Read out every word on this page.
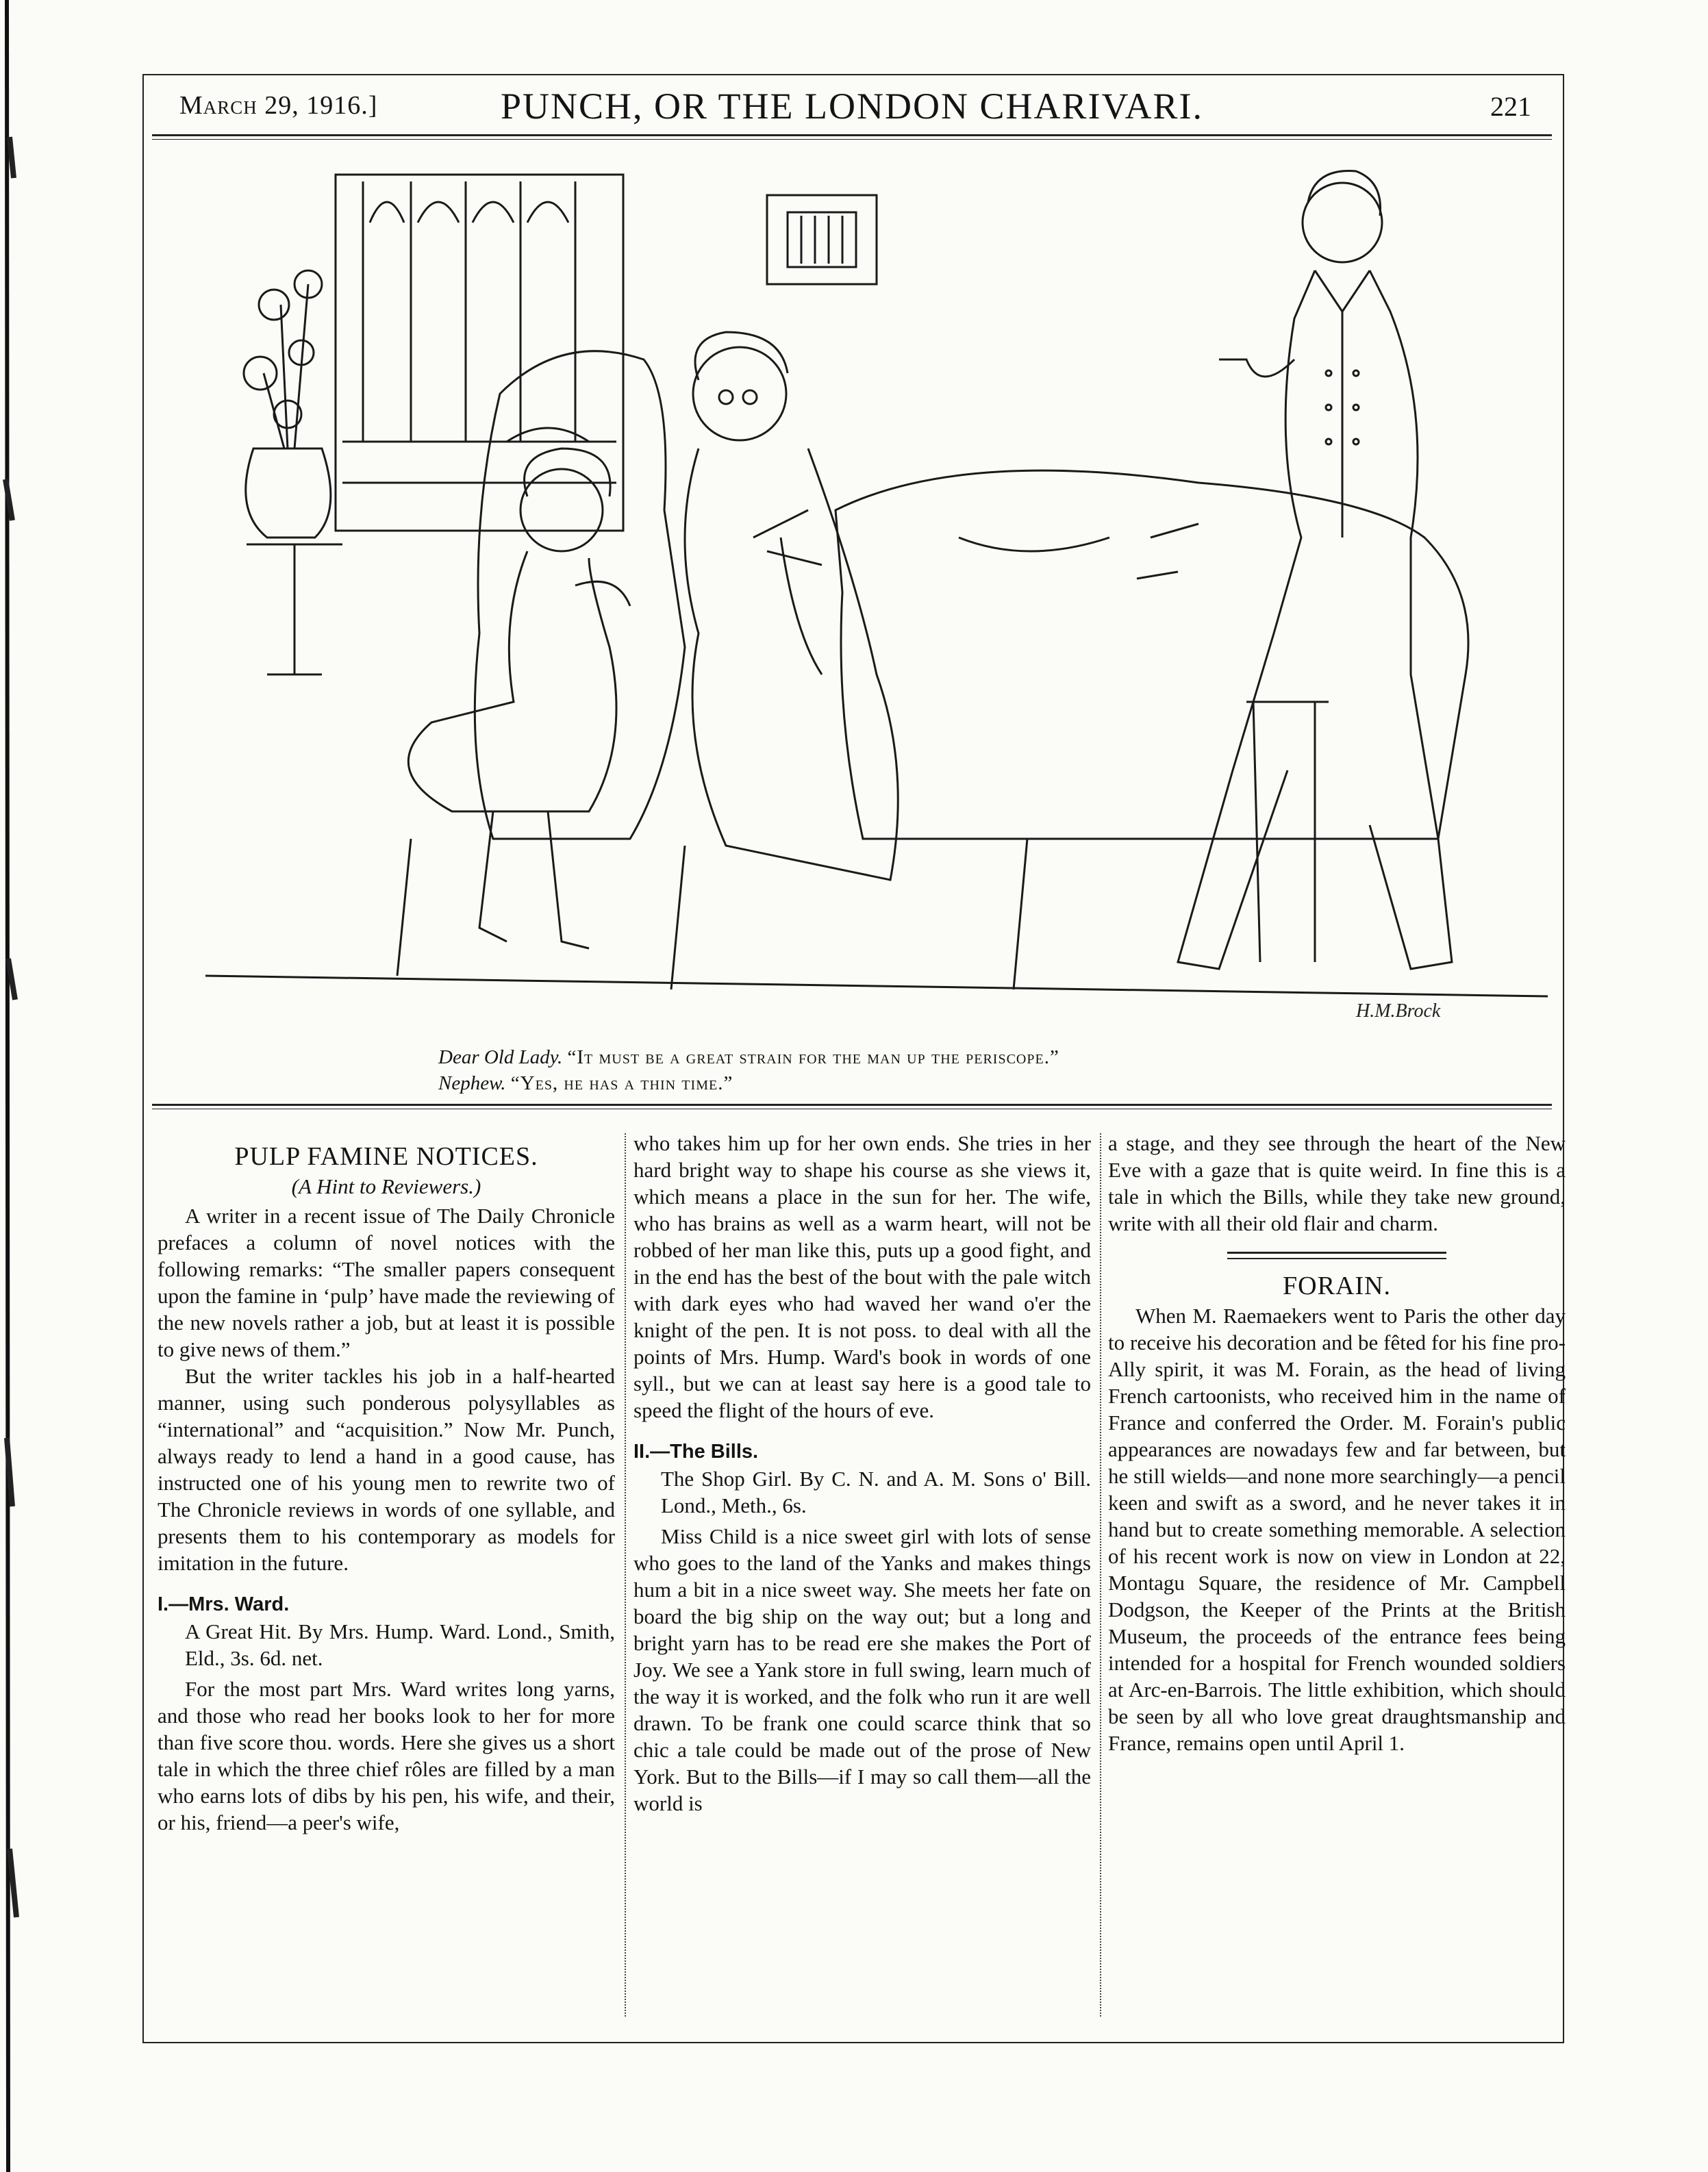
March 29, 1916.]	PUNCH, OR THE LONDON CHARIVARI.	221
H.M.Brock
Dear Old Lady. “It must be a great strain for the man up the periscope.”
Nephew. “Yes, he has a thin time.”
PULP FAMINE NOTICES.
(A Hint to Reviewers.)

A writer in a recent issue of The Daily Chronicle prefaces a column of novel notices with the following remarks: “The smaller papers consequent upon the famine in ‘pulp’ have made the reviewing of the new novels rather a job, but at least it is possible to give news of them.”

But the writer tackles his job in a half-hearted manner, using such ponderous polysyllables as “international” and “acquisition.” Now Mr. Punch, always ready to lend a hand in a good cause, has instructed one of his young men to rewrite two of The Chronicle reviews in words of one syllable, and presents them to his contemporary as models for imitation in the future.

I.—Mrs. Ward.

A Great Hit. By Mrs. Hump. Ward. Lond., Smith, Eld., 3s. 6d. net.

For the most part Mrs. Ward writes long yarns, and those who read her books look to her for more than five score thou. words. Here she gives us a short tale in which the three chief rôles are filled by a man who earns lots of dibs by his pen, his wife, and their, or his, friend—a peer's wife,

who takes him up for her own ends. She tries in her hard bright way to shape his course as she views it, which means a place in the sun for her. The wife, who has brains as well as a warm heart, will not be robbed of her man like this, puts up a good fight, and in the end has the best of the bout with the pale witch with dark eyes who had waved her wand o'er the knight of the pen. It is not poss. to deal with all the points of Mrs. Hump. Ward's book in words of one syll., but we can at least say here is a good tale to speed the flight of the hours of eve.

II.—The Bills.

The Shop Girl. By C. N. and A. M. Sons o' Bill. Lond., Meth., 6s.

Miss Child is a nice sweet girl with lots of sense who goes to the land of the Yanks and makes things hum a bit in a nice sweet way. She meets her fate on board the big ship on the way out; but a long and bright yarn has to be read ere she makes the Port of Joy. We see a Yank store in full swing, learn much of the way it is worked, and the folk who run it are well drawn. To be frank one could scarce think that so chic a tale could be made out of the prose of New York. But to the Bills—if I may so call them—all the world is

a stage, and they see through the heart of the New Eve with a gaze that is quite weird. In fine this is a tale in which the Bills, while they take new ground, write with all their old flair and charm.

FORAIN.

When M. Raemaekers went to Paris the other day to receive his decoration and be fêted for his fine pro-Ally spirit, it was M. Forain, as the head of living French cartoonists, who received him in the name of France and conferred the Order. M. Forain's public appearances are nowadays few and far between, but he still wields—and none more searchingly—a pencil keen and swift as a sword, and he never takes it in hand but to create something memorable. A selection of his recent work is now on view in London at 22, Montagu Square, the residence of Mr. Campbell Dodgson, the Keeper of the Prints at the British Museum, the proceeds of the entrance fees being intended for a hospital for French wounded soldiers at Arc-en-Barrois. The little exhibition, which should be seen by all who love great draughtsmanship and France, remains open until April 1.
